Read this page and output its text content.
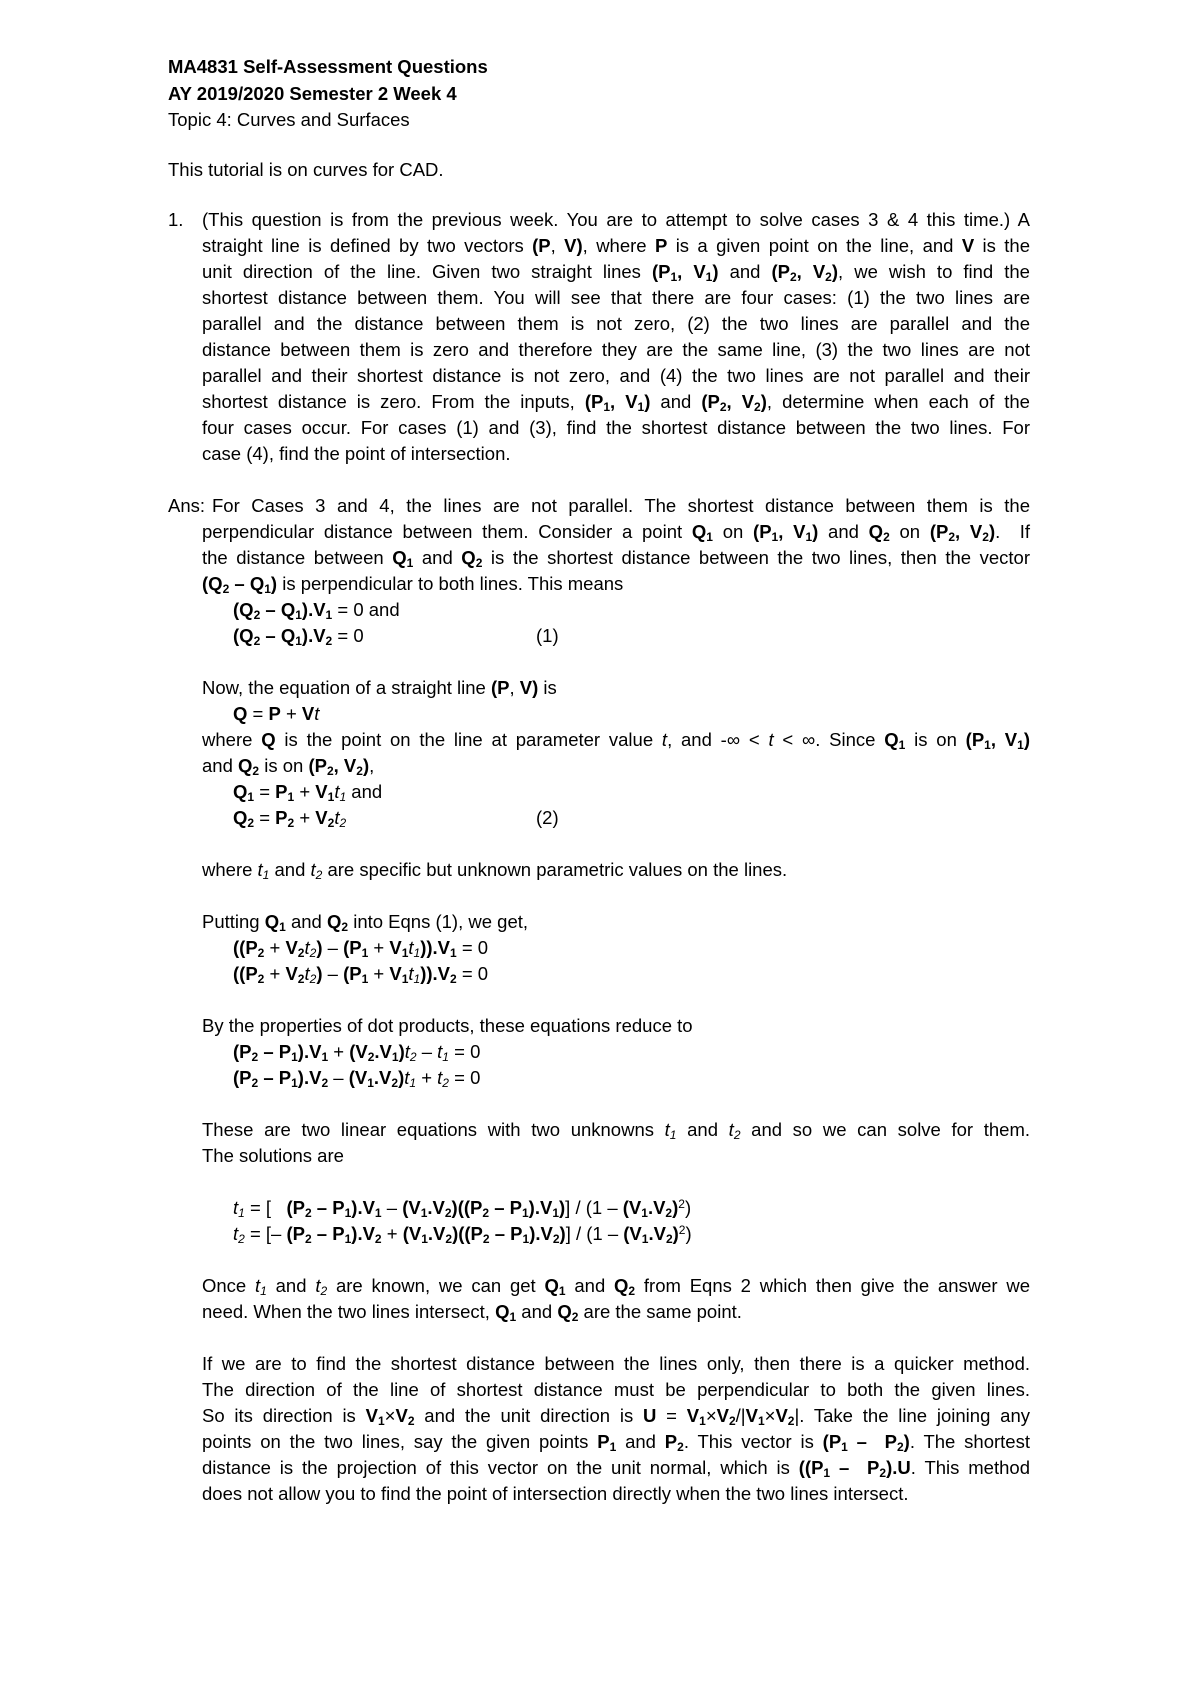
MA4831 Self-Assessment Questions
AY 2019/2020 Semester 2 Week 4
Topic 4: Curves and Surfaces
This tutorial is on curves for CAD.
1. (This question is from the previous week. You are to attempt to solve cases 3 & 4 this time.) A
straight line is defined by two vectors (P, V), where P is a given point on the line, and V is the
unit direction of the line. Given two straight lines ($P_1$, $V_1$) and ($P_2$, $V_2$), we wish to find the
shortest distance between them. You will see that there are four cases: (1) the two lines are
parallel and the distance between them is not zero, (2) the two lines are parallel and the
distance between them is zero and therefore they are the same line, (3) the two lines are not
parallel and their shortest distance is not zero, and (4) the two lines are not parallel and their
shortest distance is zero. From the inputs, ($P_1$, $V_1$) and ($P_2$, $V_2$), determine when each of the
four cases occur. For cases (1) and (3), find the shortest distance between the two lines. For
case (4), find the point of intersection.
Ans: For Cases 3 and 4, the lines are not parallel. The shortest distance between them is the
perpendicular distance between them. Consider a point $Q_1$ on ($P_1$, $V_1$) and $Q_2$ on ($P_2$, $V_2$).  If
the distance between $Q_1$ and $Q_2$ is the shortest distance between the two lines, then the vector
$(Q_2 - Q_1)$ is perpendicular to both lines. This means
$(Q_2 - Q_1).V_1 = 0$ and
$(Q_2 - Q_1).V_2 = 0$	(1)
Now, the equation of a straight line (P, V) is
Q = P + Vt
where Q is the point on the line at parameter value t, and -∞ < t < ∞. Since $Q_1$ is on ($P_1$, $V_1$)
and $Q_2$ is on ($P_2$, $V_2$),
$Q_1 = P_1 + V_1t_1$ and
$Q_2 = P_2 + V_2t_2$	(2)
where $t_1$ and $t_2$ are specific but unknown parametric values on the lines.
Putting $Q_1$ and $Q_2$ into Eqns (1), we get,
$((P_2 + V_2t_2) - (P_1 + V_1t_1)).V_1 = 0$
$((P_2 + V_2t_2) - (P_1 + V_1t_1)).V_2 = 0$
By the properties of dot products, these equations reduce to
$(P_2 - P_1).V_1 + (V_2.V_1)t_2 - t_1 = 0$
$(P_2 - P_1).V_2 - (V_1.V_2)t_1 + t_2 = 0$
These are two linear equations with two unknowns $t_1$ and $t_2$ and so we can solve for them.
The solutions are
$t_1$ = [   $(P_2 - P_1).V_1 - (V_1.V_2)((P_2 - P_1).V_1)] / (1 - (V_1.V_2)^2)$
$t_2$ = [– $(P_2 - P_1).V_2 + (V_1.V_2)((P_2 - P_1).V_2)] / (1 - (V_1.V_2)^2)$
Once $t_1$ and $t_2$ are known, we can get $Q_1$ and $Q_2$ from Eqns 2 which then give the answer we
need. When the two lines intersect, $Q_1$ and $Q_2$ are the same point.
If we are to find the shortest distance between the lines only, then there is a quicker method.
The direction of the line of shortest distance must be perpendicular to both the given lines.
So its direction is $V_1\times V_2$ and the unit direction is $U = V_1\times V_2/|V_1\times V_2|$. Take the line joining any
points on the two lines, say the given points $P_1$ and $P_2$. This vector is $(P_1 - P_2)$. The shortest
distance is the projection of this vector on the unit normal, which is ($(P_1 - P_2).U$. This method
does not allow you to find the point of intersection directly when the two lines intersect.
